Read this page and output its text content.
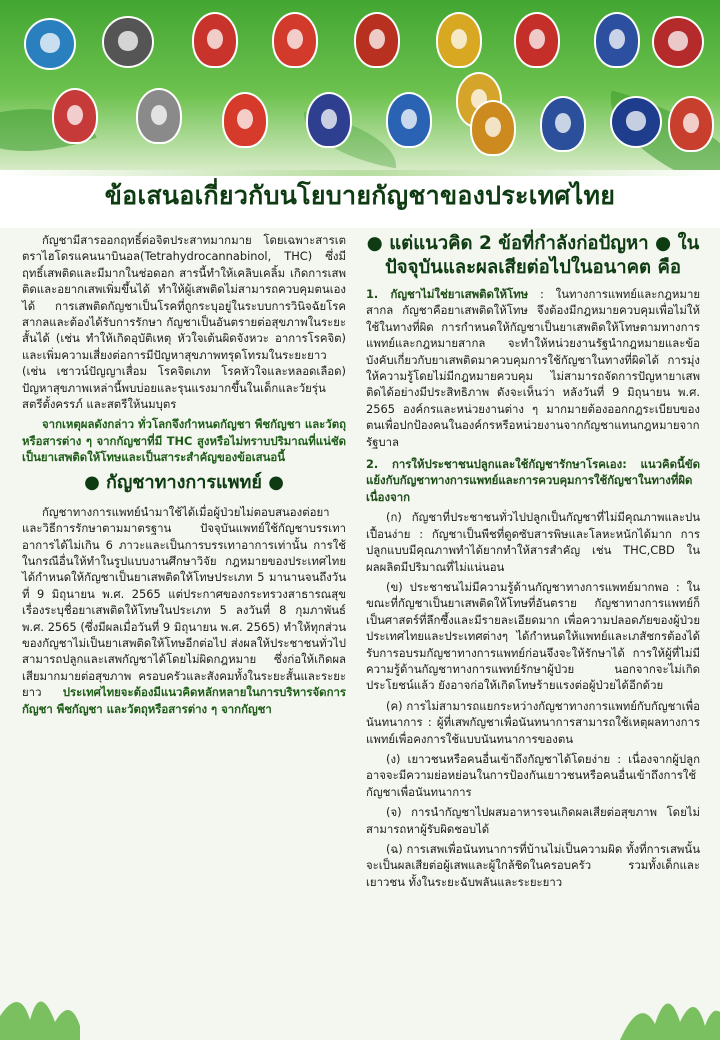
ข้อเสนอเกี่ยวกับนโยบายกัญชาของประเทศไทย

กัญชามีสารออกฤทธิ์ต่อจิตประสาทมากมาย โดยเฉพาะสารเตตราไฮโดรแคนนาบินอล(Tetrahydrocannabinol, THC) ซึ่งมีฤทธิ์เสพติดและมีมากในช่อดอก สารนี้ทำให้เคลิบเคลิ้ม เกิดการเสพติดและอยากเสพเพิ่มขึ้นได้ ทำให้ผู้เสพติดไม่สามารถควบคุมตนเองได้ การเสพติดกัญชาเป็นโรคที่ถูกระบุอยู่ในระบบการวินิจฉัยโรคสากลและต้องได้รับการรักษา กัญชาเป็นอันตรายต่อสุขภาพในระยะสั้นได้ (เช่น ทำให้เกิดอุบัติเหตุ หัวใจเต้นผิดจังหวะ อาการโรคจิต) และเพิ่มความเสี่ยงต่อการมีปัญหาสุขภาพทรุดโทรมในระยะยาว (เช่น เชาวน์ปัญญาเสื่อม โรคจิตเภท โรคหัวใจและหลอดเลือด) ปัญหาสุขภาพเหล่านี้พบบ่อยและรุนแรงมากขึ้นในเด็กและวัยรุ่น สตรีตั้งครรภ์ และสตรีให้นมบุตร

จากเหตุผลดังกล่าว ทั่วโลกจึงกำหนดกัญชา พืชกัญชา และวัตถุหรือสารต่าง ๆ จากกัญชาที่มี THC สูงหรือไม่ทราบปริมาณที่แน่ชัด เป็นยาเสพติดให้โทษและเป็นสาระสำคัญของข้อเสนอนี้

● กัญชาทางการแพทย์ ●

กัญชาทางการแพทย์นำมาใช้ได้เมื่อผู้ป่วยไม่ตอบสนองต่อยาและวิธีการรักษาตามมาตรฐาน ปัจจุบันแพทย์ใช้กัญชาบรรเทาอาการได้ไม่เกิน 6 ภาวะและเป็นการบรรเทาอาการเท่านั้น การใช้ในกรณีอื่นให้ทำในรูปแบบงานศึกษาวิจัย กฎหมายของประเทศไทยได้กำหนดให้กัญชาเป็นยาเสพติดให้โทษประเภท 5 มานานจนถึงวันที่ 9 มิถุนายน พ.ศ. 2565 แต่ประกาศของกระทรวงสาธารณสุข เรื่องระบุชื่อยาเสพติดให้โทษในประเภท 5 ลงวันที่ 8 กุมภาพันธ์ พ.ศ. 2565 (ซึ่งมีผลเมื่อวันที่ 9 มิถุนายน พ.ศ. 2565) ทำให้ทุกส่วนของกัญชาไม่เป็นยาเสพติดให้โทษอีกต่อไป ส่งผลให้ประชาชนทั่วไปสามารถปลูกและเสพกัญชาได้โดยไม่ผิดกฎหมาย ซึ่งก่อให้เกิดผลเสียมากมายต่อสุขภาพ ครอบครัวและสังคมทั้งในระยะสั้นและระยะยาว ประเทศไทยจะต้องมีแนวคิดหลักหลายในการบริหารจัดการกัญชา พืชกัญชา และวัตถุหรือสารต่าง ๆ จากกัญชา

● แต่แนวคิด 2 ข้อที่กำลังก่อปัญหา ● ในปัจจุบันและผลเสียต่อไปในอนาคต คือ

1. กัญชาไม่ใช่ยาเสพติดให้โทษ : ในทางการแพทย์และกฎหมายสากล กัญชาคือยาเสพติดให้โทษ จึงต้องมีกฎหมายควบคุมเพื่อไม่ให้ใช้ในทางที่ผิด การกำหนดให้กัญชาเป็นยาเสพติดให้โทษตามทางการแพทย์และกฎหมายสากล จะทำให้หน่วยงานรัฐนำกฎหมายและข้อบังคับเกี่ยวกับยาเสพติดมาควบคุมการใช้กัญชาในทางที่ผิดได้ การมุ่งให้ความรู้โดยไม่มีกฎหมายควบคุม ไม่สามารถจัดการปัญหายาเสพติดได้อย่างมีประสิทธิภาพ ดังจะเห็นว่า หลังวันที่ 9 มิถุนายน พ.ศ. 2565 องค์กรและหน่วยงานต่าง ๆ มากมายต้องออกกฎระเบียบของตนเพื่อปกป้องคนในองค์กรหรือหน่วยงานจากกัญชาแทนกฎหมายจากรัฐบาล

2. การให้ประชาชนปลูกและใช้กัญชารักษาโรคเอง: แนวคิดนี้ขัดแย้งกับกัญชาทางการแพทย์และการควบคุมการใช้กัญชาในทางที่ผิด เนื่องจาก

(ก) กัญชาที่ประชาชนทั่วไปปลูกเป็นกัญชาที่ไม่มีคุณภาพและปนเปื้อนง่าย : กัญชาเป็นพืชที่ดูดซับสารพิษและโลหะหนักได้มาก การปลูกแบบมีคุณภาพทำได้ยากทำให้สารสำคัญ เช่น THC,CBD ในผลผลิตมีปริมาณที่ไม่แน่นอน

(ข) ประชาชนไม่มีความรู้ด้านกัญชาทางการแพทย์มากพอ : ในขณะที่กัญชาเป็นยาเสพติดให้โทษที่อันตราย กัญชาทางการแพทย์ก็เป็นศาสตร์ที่ลึกซึ้งและมีรายละเอียดมาก เพื่อความปลอดภัยของผู้ป่วย ประเทศไทยและประเทศต่างๆ ได้กำหนดให้แพทย์และเภสัชกรต้องได้รับการอบรมกัญชาทางการแพทย์ก่อนจึงจะให้รักษาได้ การให้ผู้ที่ไม่มีความรู้ด้านกัญชาทางการแพทย์รักษาผู้ป่วย นอกจากจะไม่เกิดประโยชน์แล้ว ยังอาจก่อให้เกิดโทษร้ายแรงต่อผู้ป่วยได้อีกด้วย

(ค) การไม่สามารถแยกระหว่างกัญชาทางการแพทย์กับกัญชาเพื่อนันทนาการ : ผู้ที่เสพกัญชาเพื่อนันทนาการสามารถใช้เหตุผลทางการแพทย์เพื่อคงการใช้แบบนันทนาการของตน

(ง) เยาวชนหรือคนอื่นเข้าถึงกัญชาได้โดยง่าย : เนื่องจากผู้ปลูกอาจจะมีความย่อหย่อนในการป้องกันเยาวชนหรือคนอื่นเข้าถึงการใช้กัญชาเพื่อนันทนาการ

(จ) การนำกัญชาไปผสมอาหารจนเกิดผลเสียต่อสุขภาพ โดยไม่สามารถหาผู้รับผิดชอบได้

(ฉ) การเสพเพื่อนันทนาการที่บ้านไม่เป็นความผิด ทั้งที่การเสพนั้นจะเป็นผลเสียต่อผู้เสพและผู้ใกล้ชิดในครอบครัว รวมทั้งเด็กและเยาวชน ทั้งในระยะฉับพลันและระยะยาว
